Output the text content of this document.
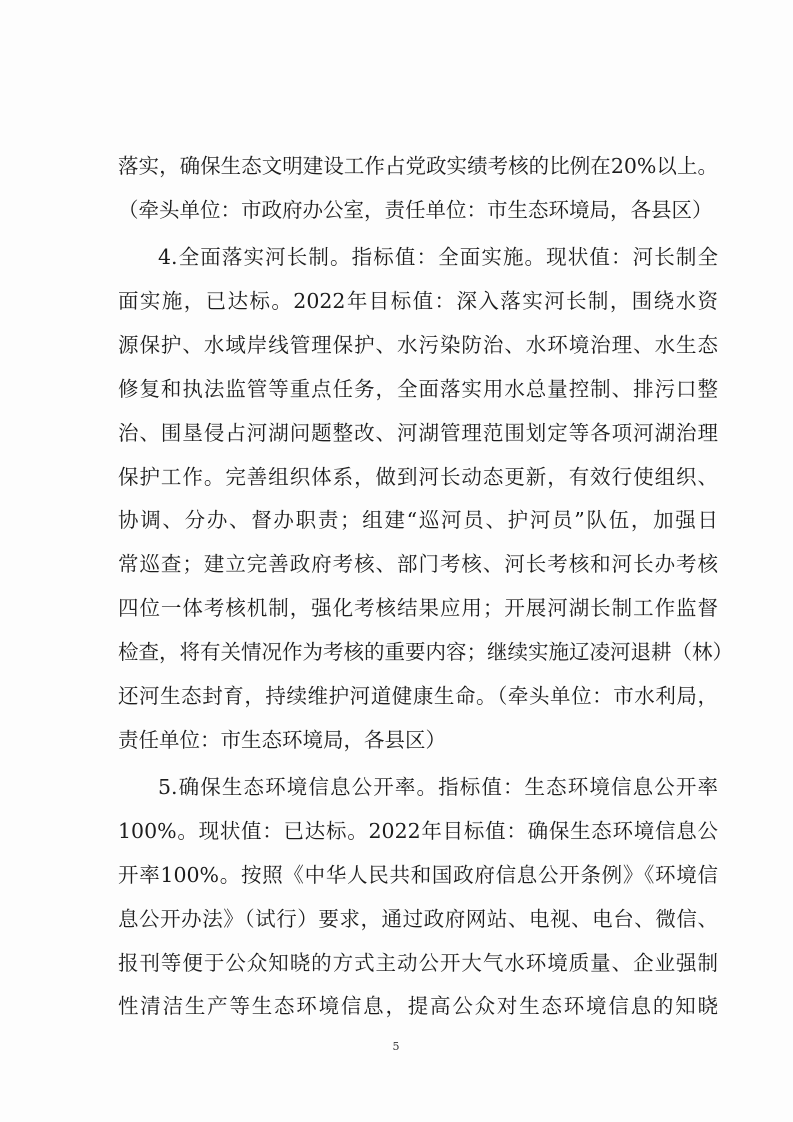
落实，确保生态文明建设工作占党政实绩考核的比例在20%以上。
（牵头单位：市政府办公室，责任单位：市生态环境局，各县区）
4.全面落实河长制。指标值：全面实施。现状值：河长制全
面实施，已达标。2022年目标值：深入落实河长制，围绕水资
源保护、水域岸线管理保护、水污染防治、水环境治理、水生态
修复和执法监管等重点任务，全面落实用水总量控制、排污口整
治、围垦侵占河湖问题整改、河湖管理范围划定等各项河湖治理
保护工作。完善组织体系，做到河长动态更新，有效行使组织、
协调、分办、督办职责；组建“巡河员、护河员”队伍，加强日
常巡查；建立完善政府考核、部门考核、河长考核和河长办考核
四位一体考核机制，强化考核结果应用；开展河湖长制工作监督
检查，将有关情况作为考核的重要内容；继续实施辽凌河退耕（林）
还河生态封育，持续维护河道健康生命。（牵头单位：市水利局，
责任单位：市生态环境局，各县区）
5.确保生态环境信息公开率。指标值：生态环境信息公开率
100%。现状值：已达标。2022年目标值：确保生态环境信息公
开率100%。按照《中华人民共和国政府信息公开条例》《环境信
息公开办法》（试行）要求，通过政府网站、电视、电台、微信、
报刊等便于公众知晓的方式主动公开大气水环境质量、企业强制
性清洁生产等生态环境信息，提高公众对生态环境信息的知晓
5
